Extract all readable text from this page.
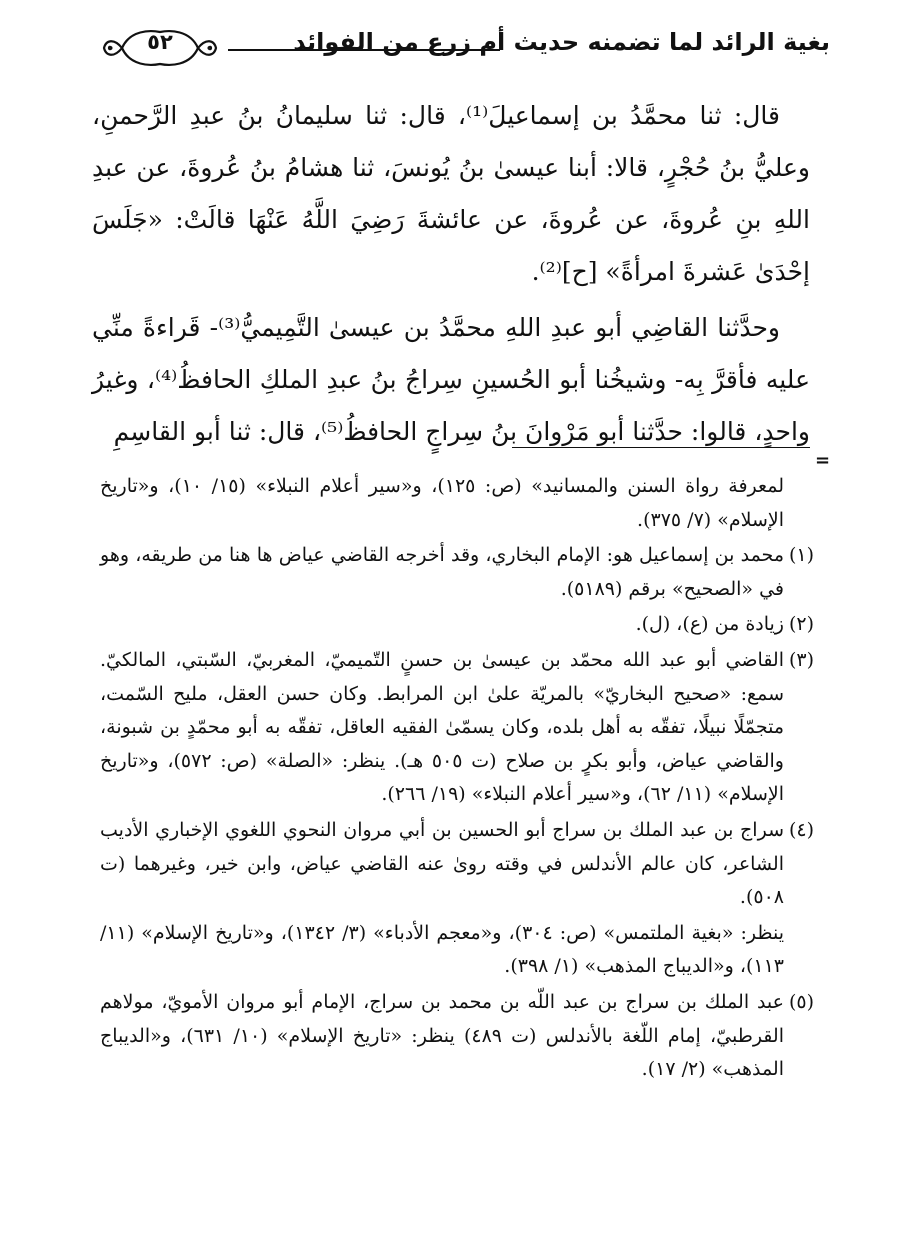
بغية الرائد لما تضمنه حديث أم زرع من الفوائد
٥٢

قال: ثنا محمَّدُ بن إسماعيلَ⁽¹⁾، قال: ثنا سليمانُ بنُ عبدِ الرَّحمنِ، وعليُّ بنُ حُجْرٍ، قالا: أبنا عيسىٰ بنُ يُونسَ، ثنا هشامُ بنُ عُروةَ، عن عبدِ اللهِ بنِ عُروةَ، عن عُروةَ، عن عائشةَ رَضِيَ اللَّهُ عَنْهَا قالَتْ: «جَلَسَ إحْدَىٰ عَشرةَ امرأةً» [ح]⁽²⁾.

وحدَّثنا القاضِي أبو عبدِ اللهِ محمَّدُ بن عيسىٰ التَّمِيميُّ⁽³⁾- قَراءةً منِّي عليه فأقرَّ بِه- وشيخُنا أبو الحُسينِ سِراجُ بنُ عبدِ الملكِ الحافظُ⁽⁴⁾، وغيرُ واحدٍ، قالوا: حدَّثنا أبو مَرْوانَ بنُ سِراجٍ الحافظُ⁽⁵⁾، قال: ثنا أبو القاسِمِ

=

لمعرفة رواة السنن والمسانيد» (ص: ١٢٥)، و«سير أعلام النبلاء» (١٥/ ١٠)، و«تاريخ الإسلام» (٧/ ٣٧٥).

(١)محمد بن إسماعيل هو: الإمام البخاري، وقد أخرجه القاضي عياض ها هنا من طريقه، وهو في «الصحيح» برقم (٥١٨٩).

(٢)زيادة من (ع)، (ل).

(٣)القاضي أبو عبد الله محمّد بن عيسىٰ بن حسنٍ التّميميّ، المغربيّ، السّبتي، المالكيّ. سمع: «صحيح البخاريّ» بالمريّة علىٰ ابن المرابط. وكان حسن العقل، مليح السّمت، متجمّلًا نبيلًا، تفقّه به أهل بلده، وكان يسمّىٰ الفقيه العاقل، تفقّه به أبو محمّدٍ بن شبونة، والقاضي عياض، وأبو بكرٍ بن صلاح (ت ٥٠٥ هـ). ينظر: «الصلة» (ص: ٥٧٢)، و«تاريخ الإسلام» (١١/ ٦٢)، و«سير أعلام النبلاء» (١٩/ ٢٦٦).

(٤)سراج بن عبد الملك بن سراج أبو الحسين بن أبي مروان النحوي اللغوي الإخباري الأديب الشاعر، كان عالم الأندلس في وقته روىٰ عنه القاضي عياض، وابن خير، وغيرهما (ت ٥٠٨).

ينظر: «بغية الملتمس» (ص: ٣٠٤)، و«معجم الأدباء» (٣/ ١٣٤٢)، و«تاريخ الإسلام» (١١/ ١١٣)، و«الديباج المذهب» (١/ ٣٩٨).

(٥)عبد الملك بن سراج بن عبد اللّه بن محمد بن سراج، الإمام أبو مروان الأمويّ، مولاهم القرطبيّ، إمام اللّغة بالأندلس (ت ٤٨٩) ينظر: «تاريخ الإسلام» (١٠/ ٦٣١)، و«الديباج المذهب» (٢/ ١٧).
